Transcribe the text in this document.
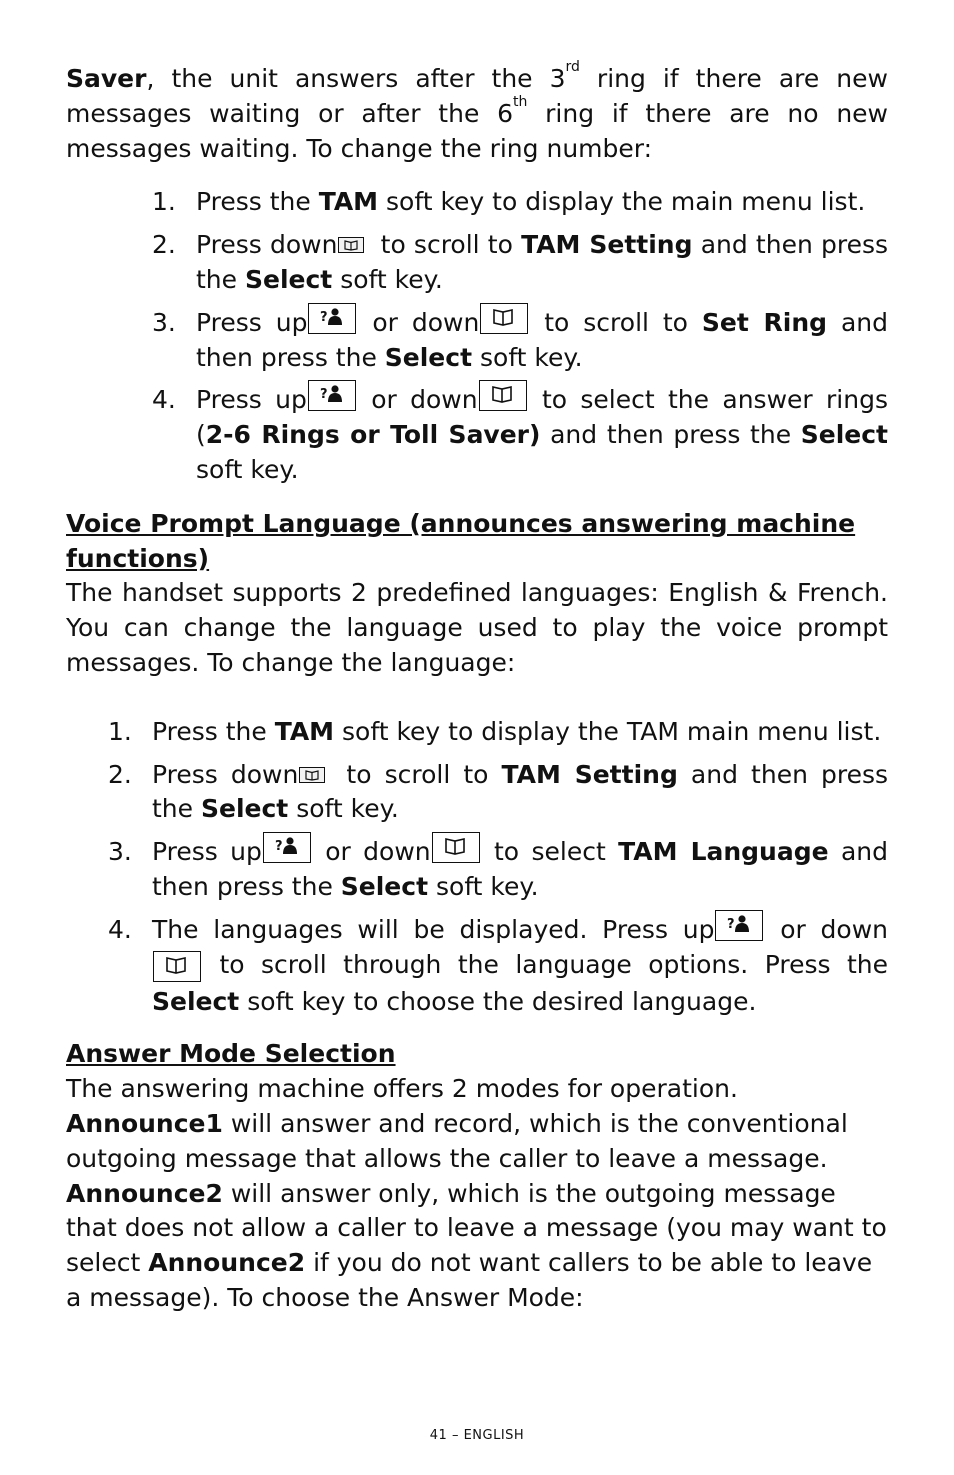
Saver, the unit answers after the 3rd ring if there are new messages waiting or after the 6th ring if there are no new messages waiting. To change the ring number:

1. Press the TAM soft key to display the main menu list.
2. Press down
to scroll to TAM Setting and then press the Select soft key.
3. Press up ? or down
to scroll to Set Ring and then press the Select soft key.
4. Press up ? or down
to select the answer rings (2-6 Rings or Toll Saver) and then press the Select soft key.
Voice Prompt Language (announces answering machine functions)

The handset supports 2 predefined languages: English & French. You can change the language used to play the voice prompt messages. To change the language:

1. Press the TAM soft key to display the TAM main menu list.
2. Press down
to scroll to TAM Setting and then press the Select soft key.
3. Press up ? or down
to select TAM Language and then press the Select soft key.
4. The languages will be displayed. Press up ? or down
to scroll through the language options. Press the Select soft key to choose the desired language.
Answer Mode Selection

The answering machine offers 2 modes for operation.

Announce1 will answer and record, which is the conventional outgoing message that allows the caller to leave a message.

Announce2 will answer only, which is the outgoing message that does not allow a caller to leave a message (you may want to select Announce2 if you do not want callers to be able to leave a message). To choose the Answer Mode:

41 – ENGLISH
